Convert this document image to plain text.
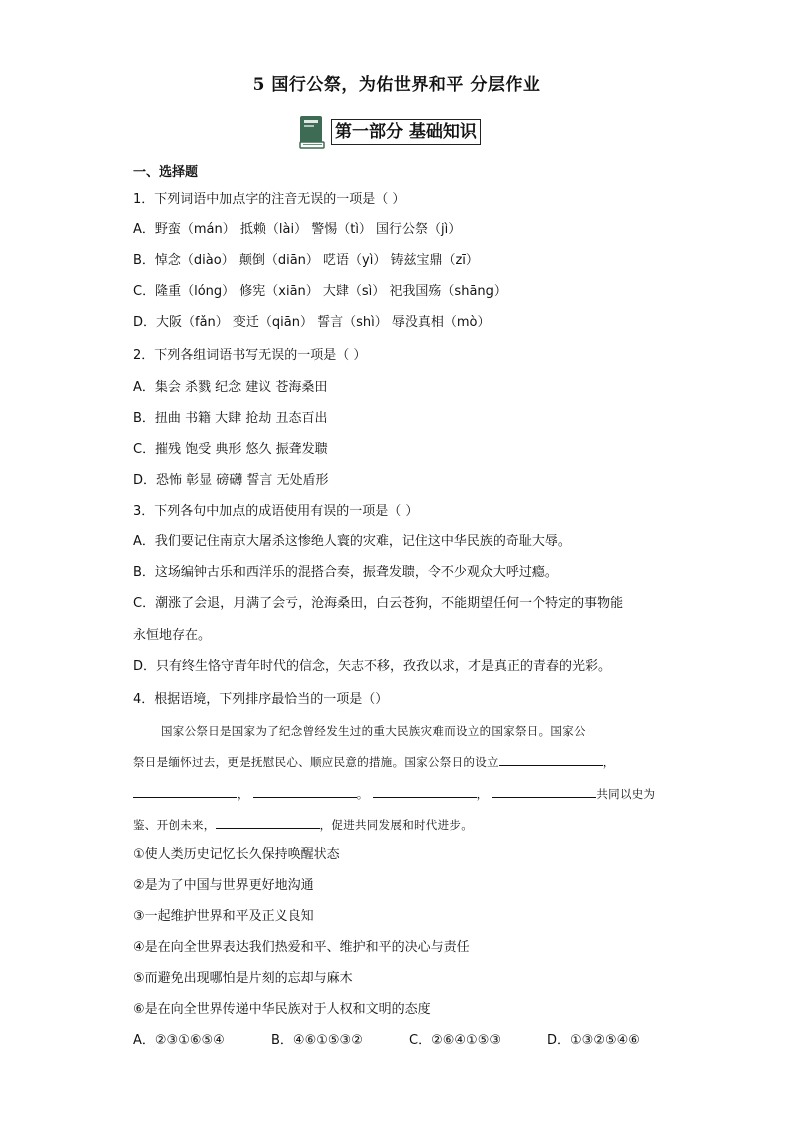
5 国行公祭，为佑世界和平 分层作业
第一部分 基础知识
一、选择题
1．下列词语中加点字的注音无误的一项是（ ）
A．野蛮（mán） 抵赖（lài） 警惕（tì） 国行公祭（jì）
B．悼念（diào） 颠倒（diān） 呓语（yì） 铸兹宝鼎（zī）
C．隆重（lóng） 修宪（xiān） 大肆（sì） 祀我国殇（shāng）
D．大阪（fǎn） 变迁（qiān） 誓言（shì） 辱没真相（mò）
2．下列各组词语书写无误的一项是（ ）
A．集会 杀戮 纪念 建议 苍海桑田
B．扭曲 书籍 大肆 抢劫 丑态百出
C．摧残 饱受 典形 悠久 振聋发聩
D．恐怖 彰显 磅礴 誓言 无处盾形
3．下列各句中加点的成语使用有误的一项是（ ）
A．我们要记住南京大屠杀这惨绝人寰的灾难，记住这中华民族的奇耻大辱。
B．这场编钟古乐和西洋乐的混搭合奏，振聋发聩，令不少观众大呼过瘾。
C．潮涨了会退，月满了会亏，沧海桑田，白云苍狗，不能期望任何一个特定的事物能
永恒地存在。
D．只有终生恪守青年时代的信念，矢志不移，孜孜以求，才是真正的青春的光彩。
4．根据语境，下列排序最恰当的一项是（）
国家公祭日是国家为了纪念曾经发生过的重大民族灾难而设立的国家祭日。国家公
祭日是缅怀过去，更是抚慰民心、顺应民意的措施。国家公祭日的设立	，
，	。	，	共同以史为
鉴、开创未来，	，促进共同发展和时代进步。
①使人类历史记忆长久保持唤醒状态
②是为了中国与世界更好地沟通
③一起维护世界和平及正义良知
④是在向全世界表达我们热爱和平、维护和平的决心与责任
⑤而避免出现哪怕是片刻的忘却与麻木
⑥是在向全世界传递中华民族对于人权和文明的态度
A．②③①⑥⑤④	B．④⑥①⑤③②	C．②⑥④①⑤③	D．①③②⑤④⑥
